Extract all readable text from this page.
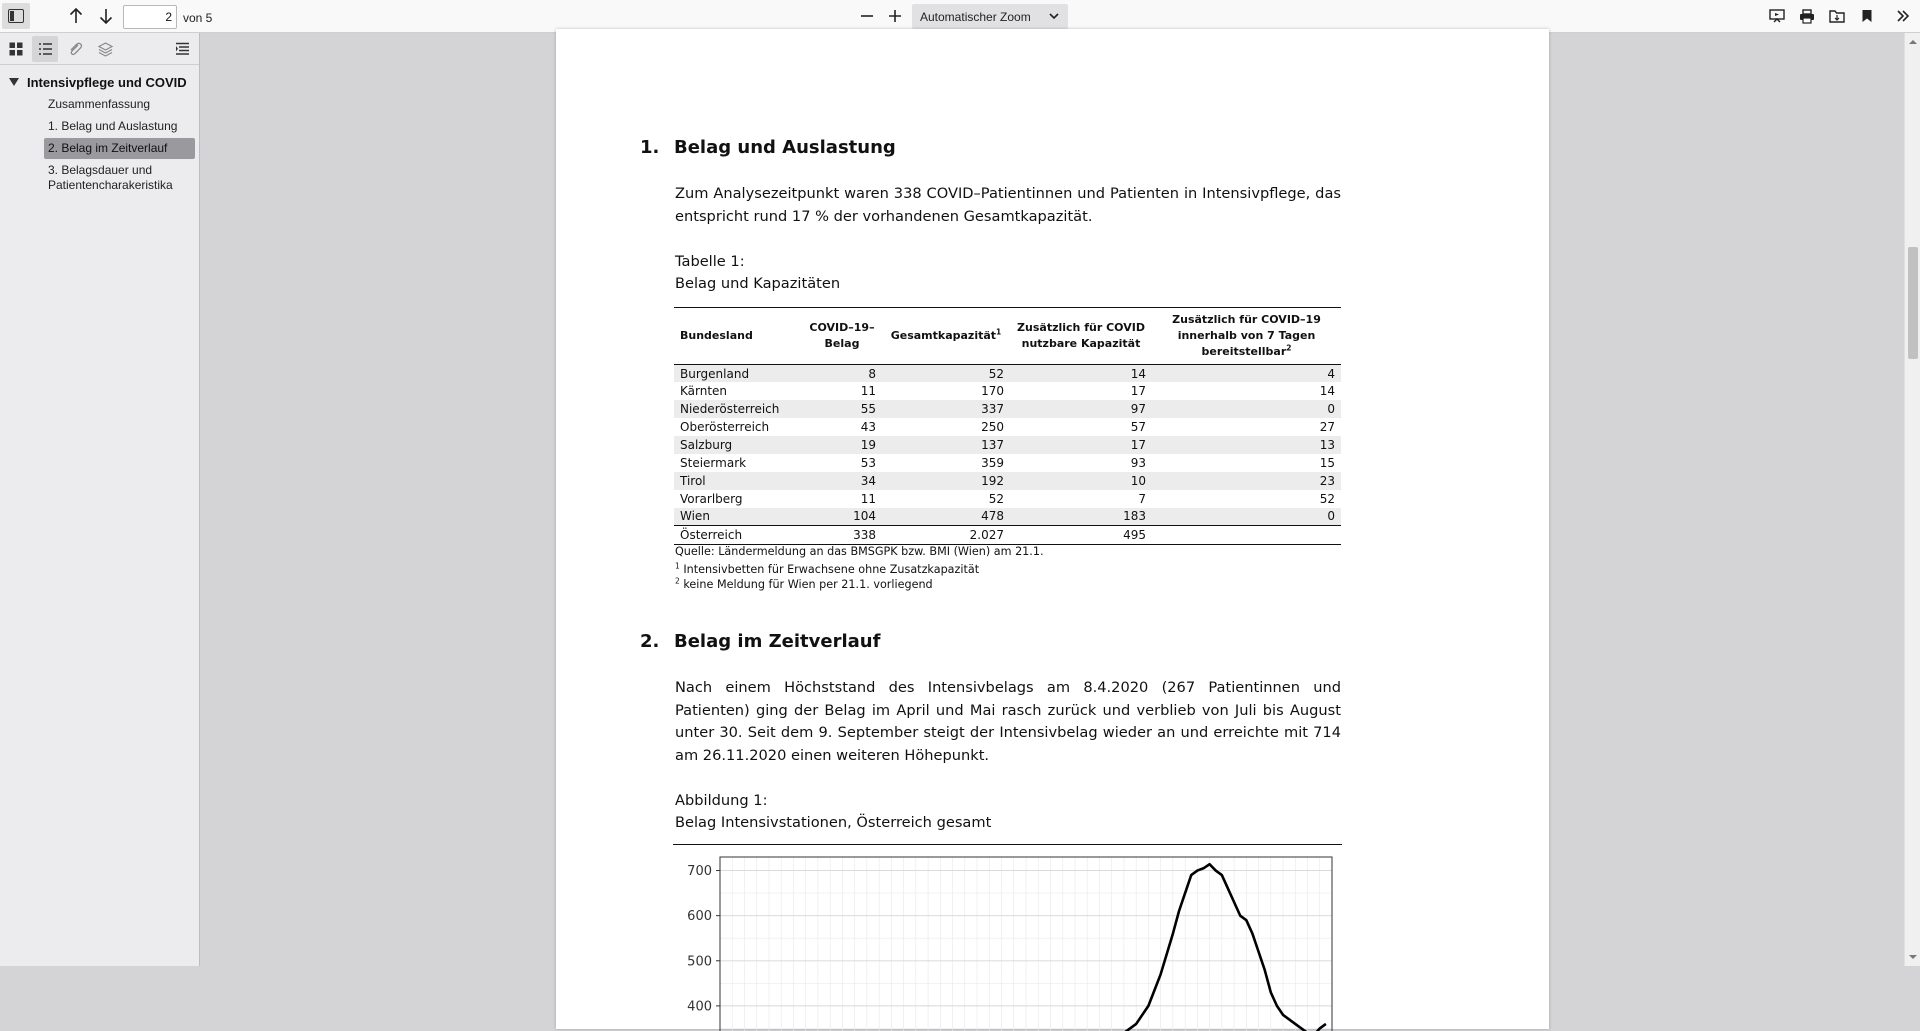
2
von 5	Automatischer Zoom
Intensivpflege und COVID
Zusammenfassung
1. Belag und Auslastung
2. Belag im Zeitverlauf
3. Belagsdauer und Patientencharakeristika
1. Belag und Auslastung
Zum Analysezeitpunkt waren 338 COVID–Patientinnen und Patienten in Intensivpflege, das entspricht rund 17 % der vorhandenen Gesamtkapazität.
Tabelle 1:
Belag und Kapazitäten
Bundesland	COVID–19–Belag	Gesamtkapazität$^1$	Zusätzlich für COVID nutzbare Kapazität	Zusätzlich für COVID–19 innerhalb von 7 Tagen bereitstellbar$^2$
Burgenland	8	52	14	4
Kärnten	11	170	17	14
Niederösterreich	55	337	97	0
Oberösterreich	43	250	57	27
Salzburg	19	137	17	13
Steiermark	53	359	93	15
Tirol	34	192	10	23
Vorarlberg	11	52	7	52
Wien	104	478	183	0
Österreich	338	2.027	495	
Quelle: Ländermeldung an das BMSGPK bzw. BMI (Wien) am 21.1.
$^1$ Intensivbetten für Erwachsene ohne Zusatzkapazität
$^2$ keine Meldung für Wien per 21.1. vorliegend
2. Belag im Zeitverlauf
Nach einem Höchststand des Intensivbelags am 8.4.2020 (267 Patientinnen und Patienten) ging der Belag im April und Mai rasch zurück und verblieb von Juli bis August unter 30. Seit dem 9. September steigt der Intensivbelag wieder an und erreichte mit 714 am 26.11.2020 einen weiteren Höhepunkt.
Abbildung 1:
Belag Intensivstationen, Österreich gesamt
400
500
600
700
